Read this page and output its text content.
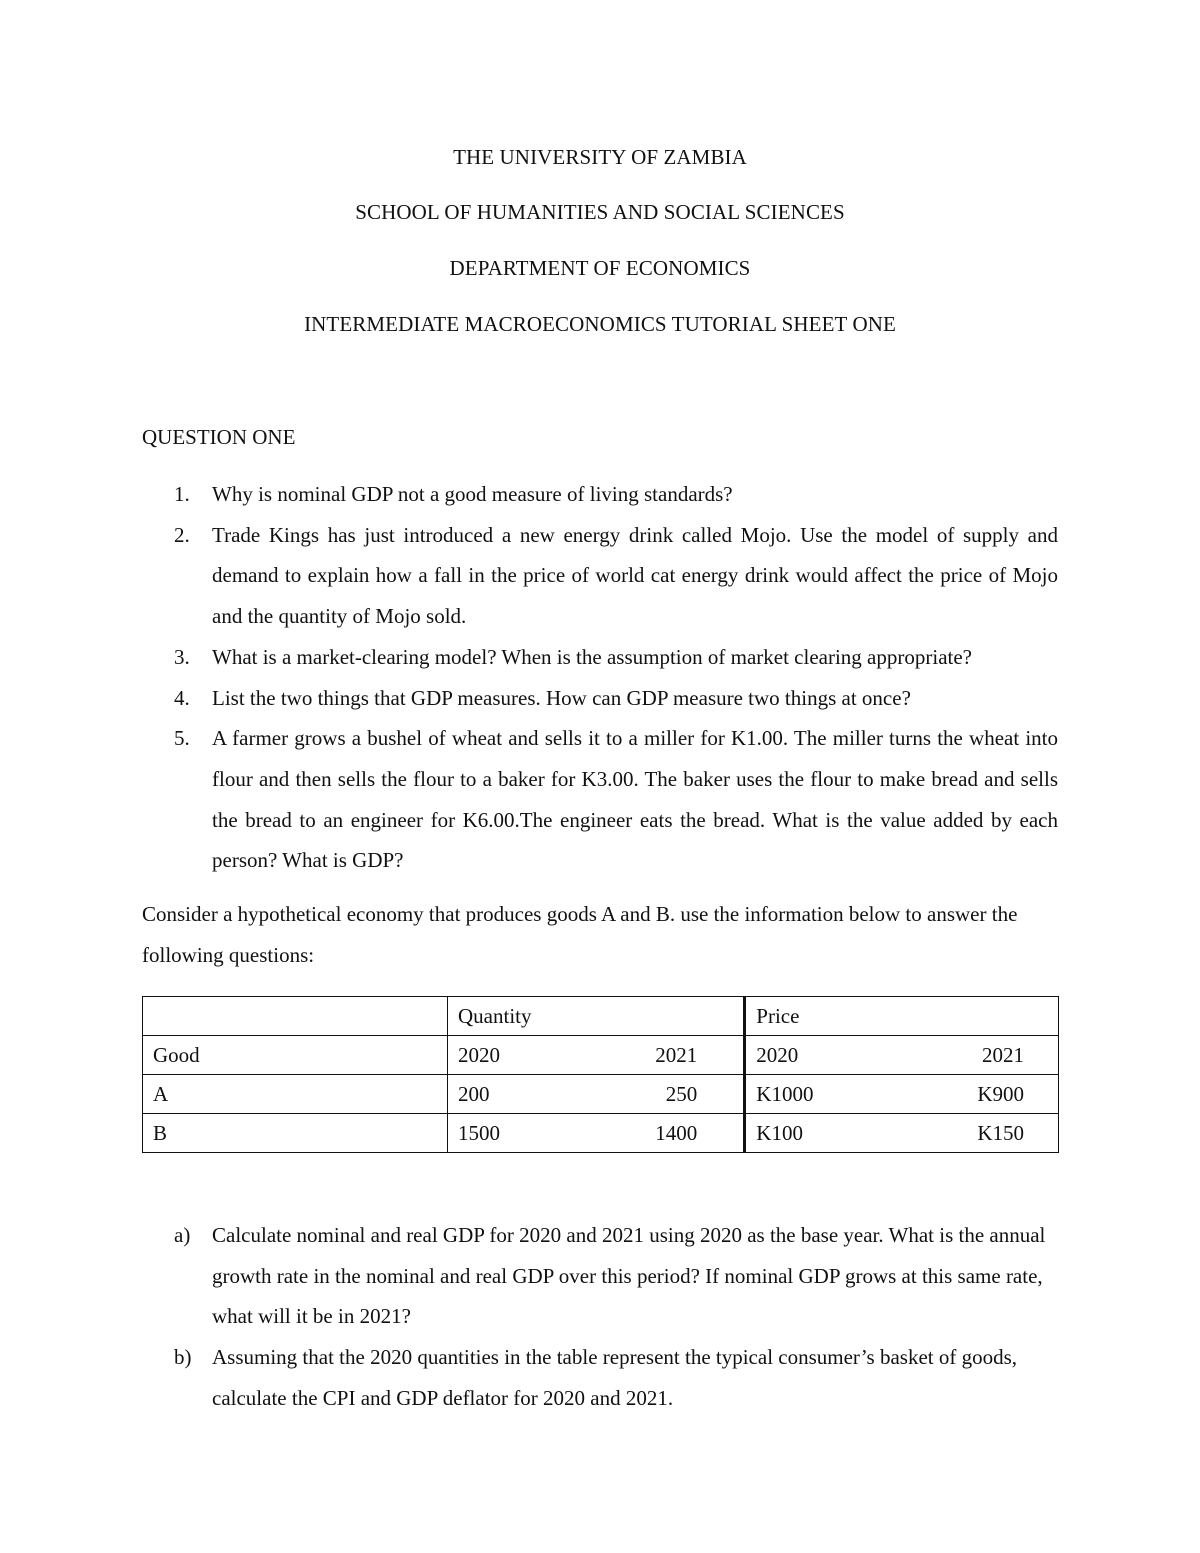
THE UNIVERSITY OF ZAMBIA
SCHOOL OF HUMANITIES AND SOCIAL SCIENCES
DEPARTMENT OF ECONOMICS
INTERMEDIATE MACROECONOMICS TUTORIAL SHEET ONE
QUESTION ONE
1. Why is nominal GDP not a good measure of living standards?
2. Trade Kings has just introduced a new energy drink called Mojo. Use the model of supply and demand to explain how a fall in the price of world cat energy drink would affect the price of Mojo and the quantity of Mojo sold.
3. What is a market-clearing model? When is the assumption of market clearing appropriate?
4. List the two things that GDP measures. How can GDP measure two things at once?
5. A farmer grows a bushel of wheat and sells it to a miller for K1.00. The miller turns the wheat into flour and then sells the flour to a baker for K3.00. The baker uses the flour to make bread and sells the bread to an engineer for K6.00.The engineer eats the bread. What is the value added by each person? What is GDP?
Consider a hypothetical economy that produces goods A and B. use the information below to answer the following questions:
	Quantity	Price
Good	2020 2021	2020 2021

A	200 250	K1000 K900

B	1500 1400	K100 K150
a) Calculate nominal and real GDP for 2020 and 2021 using 2020 as the base year. What is the annual growth rate in the nominal and real GDP over this period? If nominal GDP grows at this same rate, what will it be in 2021?
b) Assuming that the 2020 quantities in the table represent the typical consumer’s basket of goods, calculate the CPI and GDP deflator for 2020 and 2021.
